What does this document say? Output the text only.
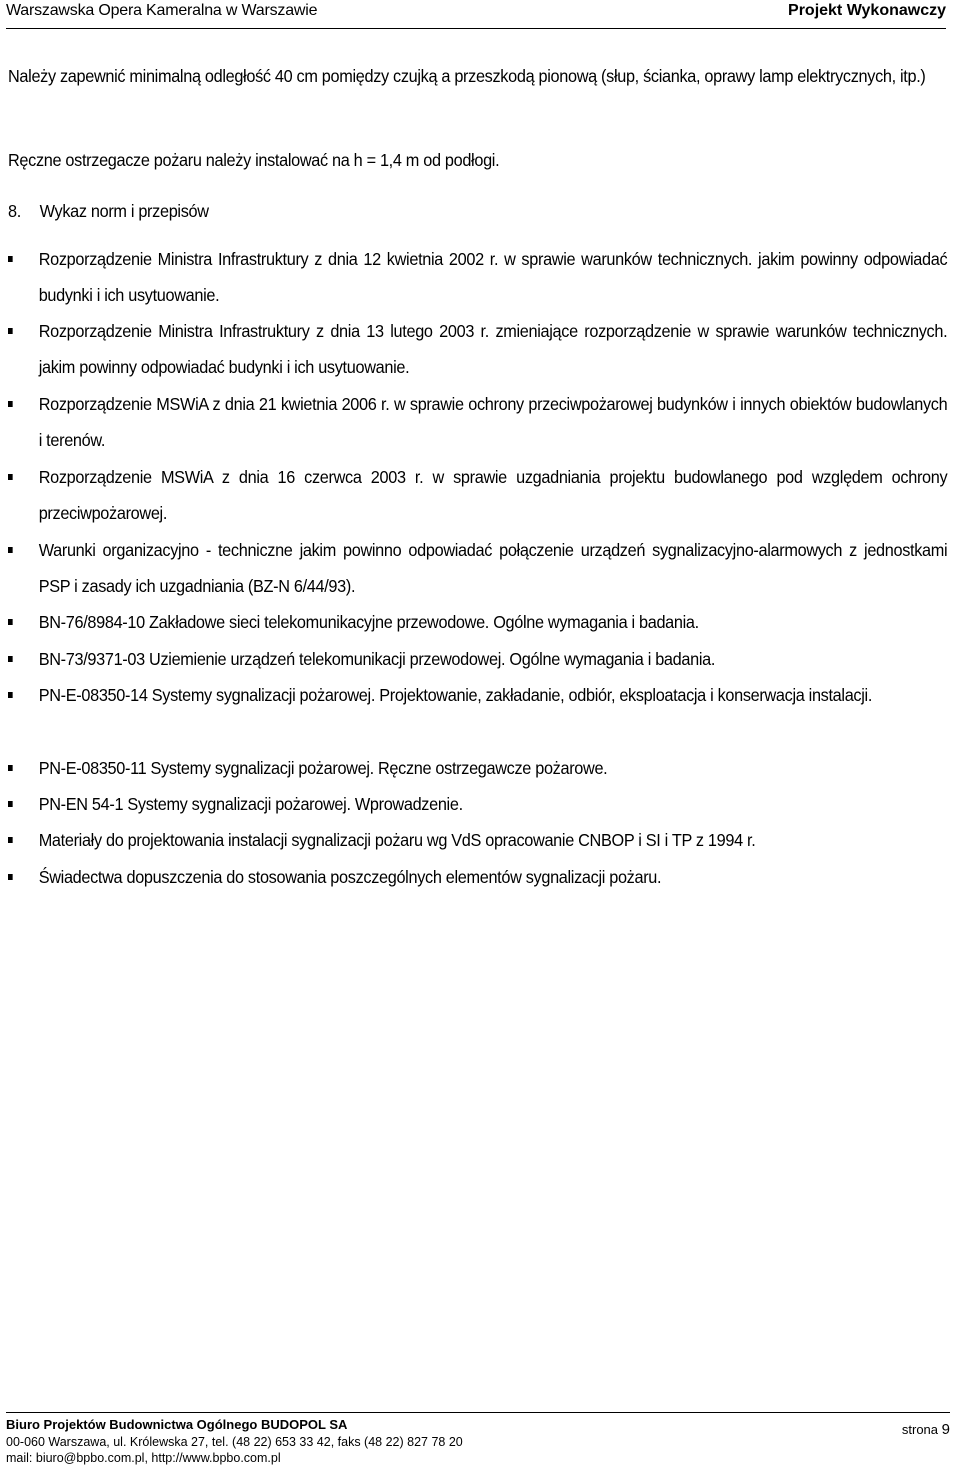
Warszawska Opera Kameralna w Warszawie	Projekt Wykonawczy
Należy zapewnić minimalną odległość 40 cm pomiędzy czujką a przeszkodą pionową (słup, ścianka, oprawy lamp elektrycznych, itp.)
Ręczne ostrzegacze pożaru należy instalować na h = 1,4 m od podłogi.
8. Wykaz norm i przepisów
Rozporządzenie Ministra Infrastruktury z dnia 12 kwietnia 2002 r. w sprawie warunków technicznych. jakim powinny odpowiadać budynki i ich usytuowanie.
Rozporządzenie Ministra Infrastruktury z dnia 13 lutego 2003 r. zmieniające rozporządzenie w sprawie warunków technicznych. jakim powinny odpowiadać budynki i ich usytuowanie.
Rozporządzenie MSWiA z dnia 21 kwietnia 2006 r. w sprawie ochrony przeciwpożarowej budynków i innych obiektów budowlanych i terenów.
Rozporządzenie MSWiA z dnia 16 czerwca 2003 r. w sprawie uzgadniania projektu budowlanego pod względem ochrony przeciwpożarowej.
Warunki organizacyjno - techniczne jakim powinno odpowiadać połączenie urządzeń sygnalizacyjno-alarmowych z jednostkami PSP i zasady ich uzgadniania (BZ-N 6/44/93).
BN-76/8984-10 Zakładowe sieci telekomunikacyjne przewodowe. Ogólne wymagania i badania.
BN-73/9371-03 Uziemienie urządzeń telekomunikacji przewodowej. Ogólne wymagania i badania.
PN-E-08350-14 Systemy sygnalizacji pożarowej. Projektowanie, zakładanie, odbiór, eksploatacja i konserwacja instalacji.
PN-E-08350-11 Systemy sygnalizacji pożarowej. Ręczne ostrzegawcze pożarowe.
PN-EN 54-1 Systemy sygnalizacji pożarowej. Wprowadzenie.
Materiały do projektowania instalacji sygnalizacji pożaru wg VdS opracowanie CNBOP i SI i TP z 1994 r.
Świadectwa dopuszczenia do stosowania poszczególnych elementów sygnalizacji pożaru.
Biuro Projektów Budownictwa Ogólnego BUDOPOL SA
00-060 Warszawa, ul. Królewska 27, tel. (48 22) 653 33 42, faks (48 22) 827 78 20
mail: biuro@bpbo.com.pl, http://www.bpbo.com.pl
strona 9
